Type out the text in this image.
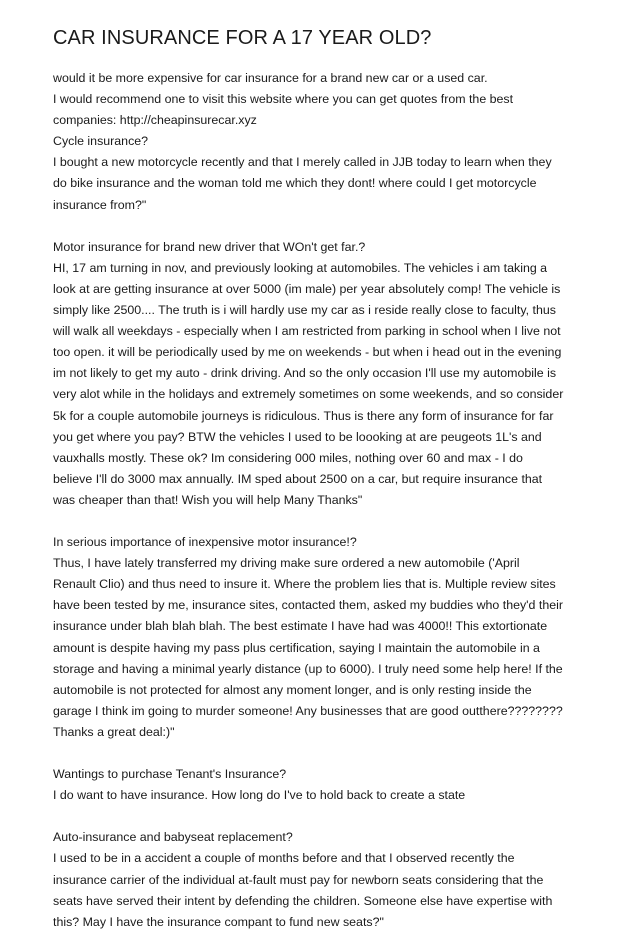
CAR INSURANCE FOR A 17 YEAR OLD?
would it be more expensive for car insurance for a brand new car or a used car.
I would recommend one to visit this website where you can get quotes from the best
companies: http://cheapinsurecar.xyz
Cycle insurance?
I bought a new motorcycle recently and that I merely called in JJB today to learn when they
do bike insurance and the woman told me which they dont! where could I get motorcycle
insurance from?"
Motor insurance for brand new driver that WOn't get far.?
HI, 17 am turning in nov, and previously looking at automobiles. The vehicles i am taking a
look at are getting insurance at over 5000 (im male) per year absolutely comp! The vehicle is
simply like 2500.... The truth is i will hardly use my car as i reside really close to faculty, thus
will walk all weekdays - especially when I am restricted from parking in school when I live not
too open. it will be periodically used by me on weekends - but when i head out in the evening
im not likely to get my auto - drink driving. And so the only occasion I'll use my automobile is
very alot while in the holidays and extremely sometimes on some weekends, and so consider
5k for a couple automobile journeys is ridiculous. Thus is there any form of insurance for far
you get where you pay? BTW the vehicles I used to be loooking at are peugeots 1L's and
vauxhalls mostly. These ok? Im considering 000 miles, nothing over 60 and max - I do
believe I'll do 3000 max annually. IM sped about 2500 on a car, but require insurance that
was cheaper than that! Wish you will help Many Thanks"
In serious importance of inexpensive motor insurance!?
Thus, I have lately transferred my driving make sure ordered a new automobile ('April
Renault Clio) and thus need to insure it. Where the problem lies that is. Multiple review sites
have been tested by me, insurance sites, contacted them, asked my buddies who they'd their
insurance under blah blah blah. The best estimate I have had was 4000!! This extortionate
amount is despite having my pass plus certification, saying I maintain the automobile in a
storage and having a minimal yearly distance (up to 6000). I truly need some help here! If the
automobile is not protected for almost any moment longer, and is only resting inside the
garage I think im going to murder someone! Any businesses that are good outthere????????
Thanks a great deal:)"
Wantings to purchase Tenant's Insurance?
I do want to have insurance. How long do I've to hold back to create a state
Auto-insurance and babyseat replacement?
I used to be in a accident a couple of months before and that I observed recently the
insurance carrier of the individual at-fault must pay for newborn seats considering that the
seats have served their intent by defending the children. Someone else have expertise with
this? May I have the insurance compant to fund new seats?"
